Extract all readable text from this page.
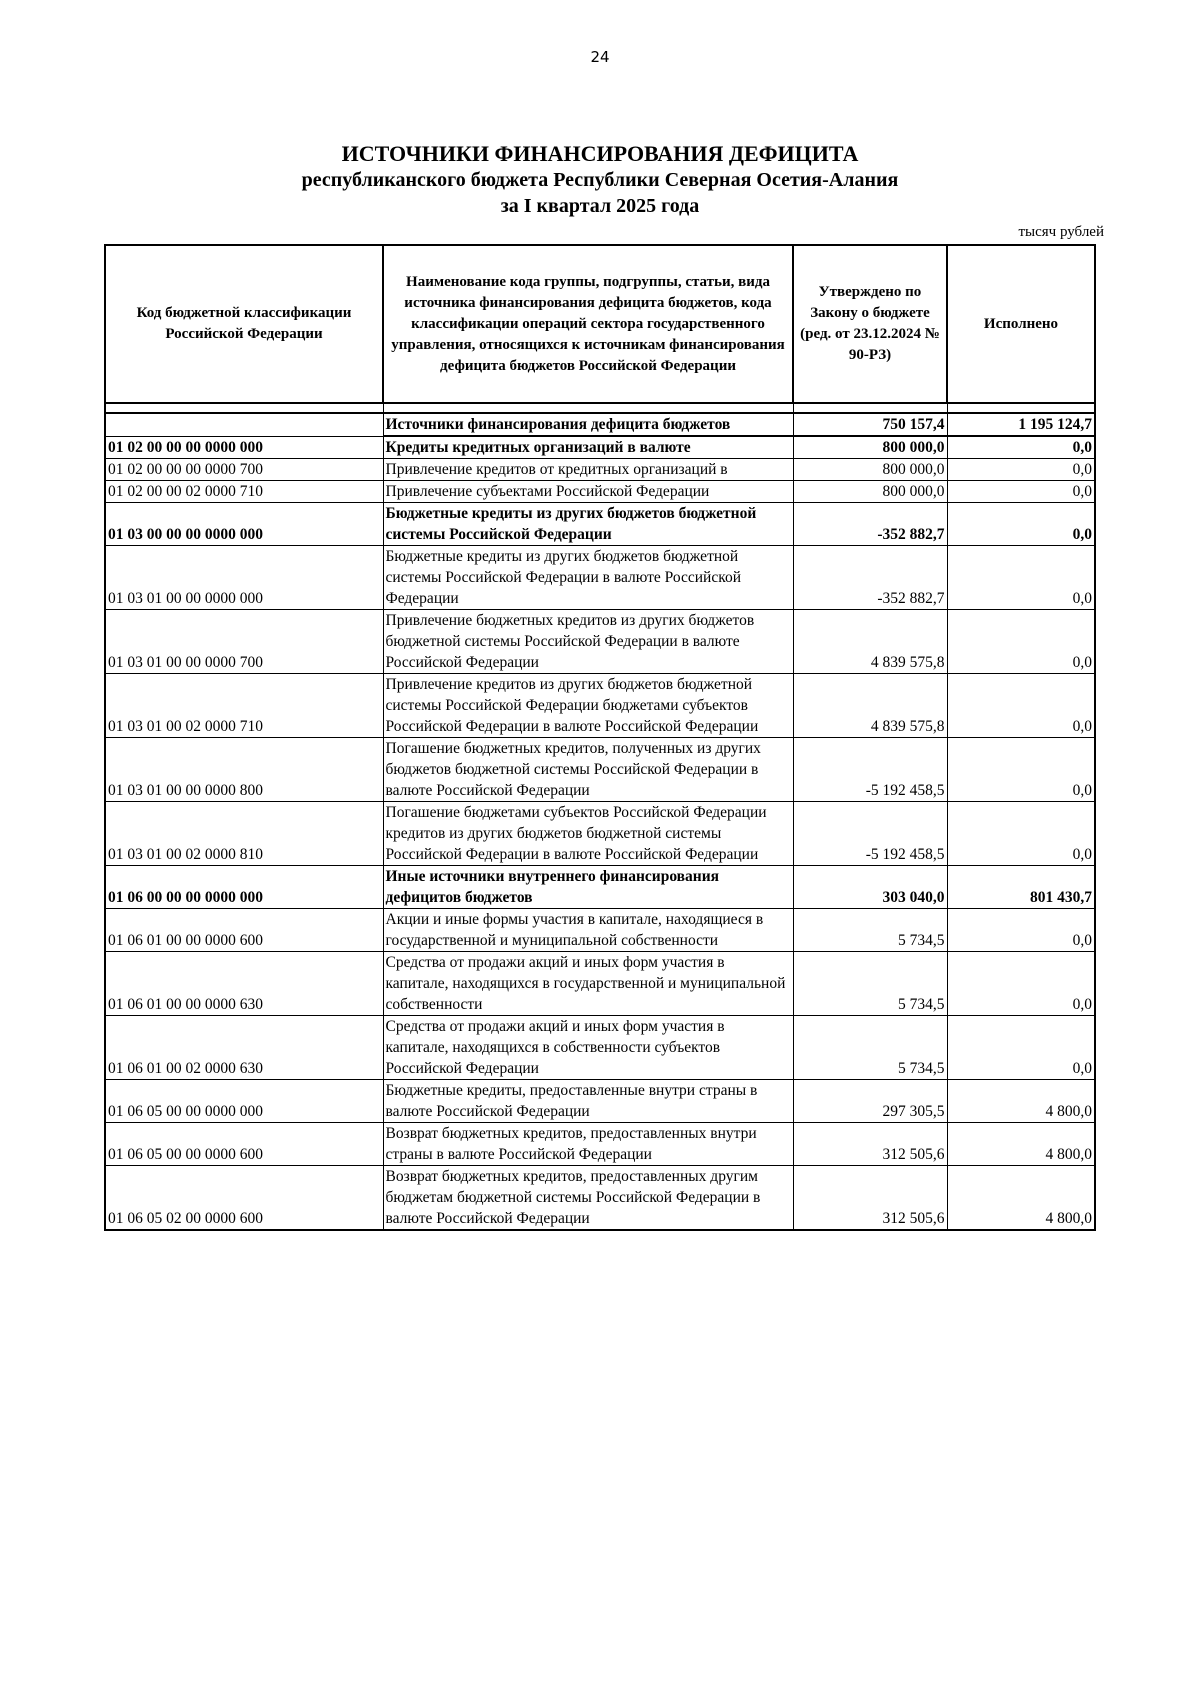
24
ИСТОЧНИКИ ФИНАНСИРОВАНИЯ ДЕФИЦИТА
республиканского бюджета Республики Северная Осетия-Алания
за I квартал 2025 года
тысяч рублей
Код бюджетной классификации Российской Федерации	Наименование кода группы, подгруппы, статьи, вида источника финансирования дефицита бюджетов, кода классификации операций сектора государственного управления, относящихся к источникам финансирования дефицита бюджетов Российской Федерации	Утверждено по Закону о бюджете (ред. от 23.12.2024 № 90-РЗ)	Исполнено

	Источники финансирования дефицита бюджетов	750 157,4	1 195 124,7
01 02 00 00 00 0000 000	Кредиты кредитных организаций в валюте	800 000,0	0,0
01 02 00 00 00 0000 700	Привлечение кредитов от кредитных организаций в	800 000,0	0,0
01 02 00 00 02 0000 710	Привлечение субъектами Российской Федерации	800 000,0	0,0
01 03 00 00 00 0000 000	Бюджетные кредиты из других бюджетов бюджетной системы Российской Федерации	-352 882,7	0,0
01 03 01 00 00 0000 000	Бюджетные кредиты из других бюджетов бюджетной системы Российской Федерации в валюте Российской Федерации	-352 882,7	0,0
01 03 01 00 00 0000 700	Привлечение бюджетных кредитов из других бюджетов бюджетной системы Российской Федерации в валюте Российской Федерации	4 839 575,8	0,0
01 03 01 00 02 0000 710	Привлечение кредитов из других бюджетов бюджетной системы Российской Федерации бюджетами субъектов Российской Федерации в валюте Российской Федерации	4 839 575,8	0,0
01 03 01 00 00 0000 800	Погашение бюджетных кредитов, полученных из других бюджетов бюджетной системы Российской Федерации в валюте Российской Федерации	-5 192 458,5	0,0
01 03 01 00 02 0000 810	Погашение бюджетами субъектов Российской Федерации кредитов из других бюджетов бюджетной системы Российской Федерации в валюте Российской Федерации	-5 192 458,5	0,0
01 06 00 00 00 0000 000	Иные источники внутреннего финансирования дефицитов бюджетов	303 040,0	801 430,7
01 06 01 00 00 0000 600	Акции и иные формы участия в капитале, находящиеся в государственной и муниципальной собственности	5 734,5	0,0
01 06 01 00 00 0000 630	Средства от продажи акций и иных форм участия в капитале, находящихся в государственной и муниципальной собственности	5 734,5	0,0
01 06 01 00 02 0000 630	Средства от продажи акций и иных форм участия в капитале, находящихся в собственности субъектов Российской Федерации	5 734,5	0,0
01 06 05 00 00 0000 000	Бюджетные кредиты, предоставленные внутри страны в валюте Российской Федерации	297 305,5	4 800,0
01 06 05 00 00 0000 600	Возврат бюджетных кредитов, предоставленных внутри страны в валюте Российской Федерации	312 505,6	4 800,0
01 06 05 02 00 0000 600	Возврат бюджетных кредитов, предоставленных другим бюджетам бюджетной системы Российской Федерации в валюте Российской Федерации	312 505,6	4 800,0
